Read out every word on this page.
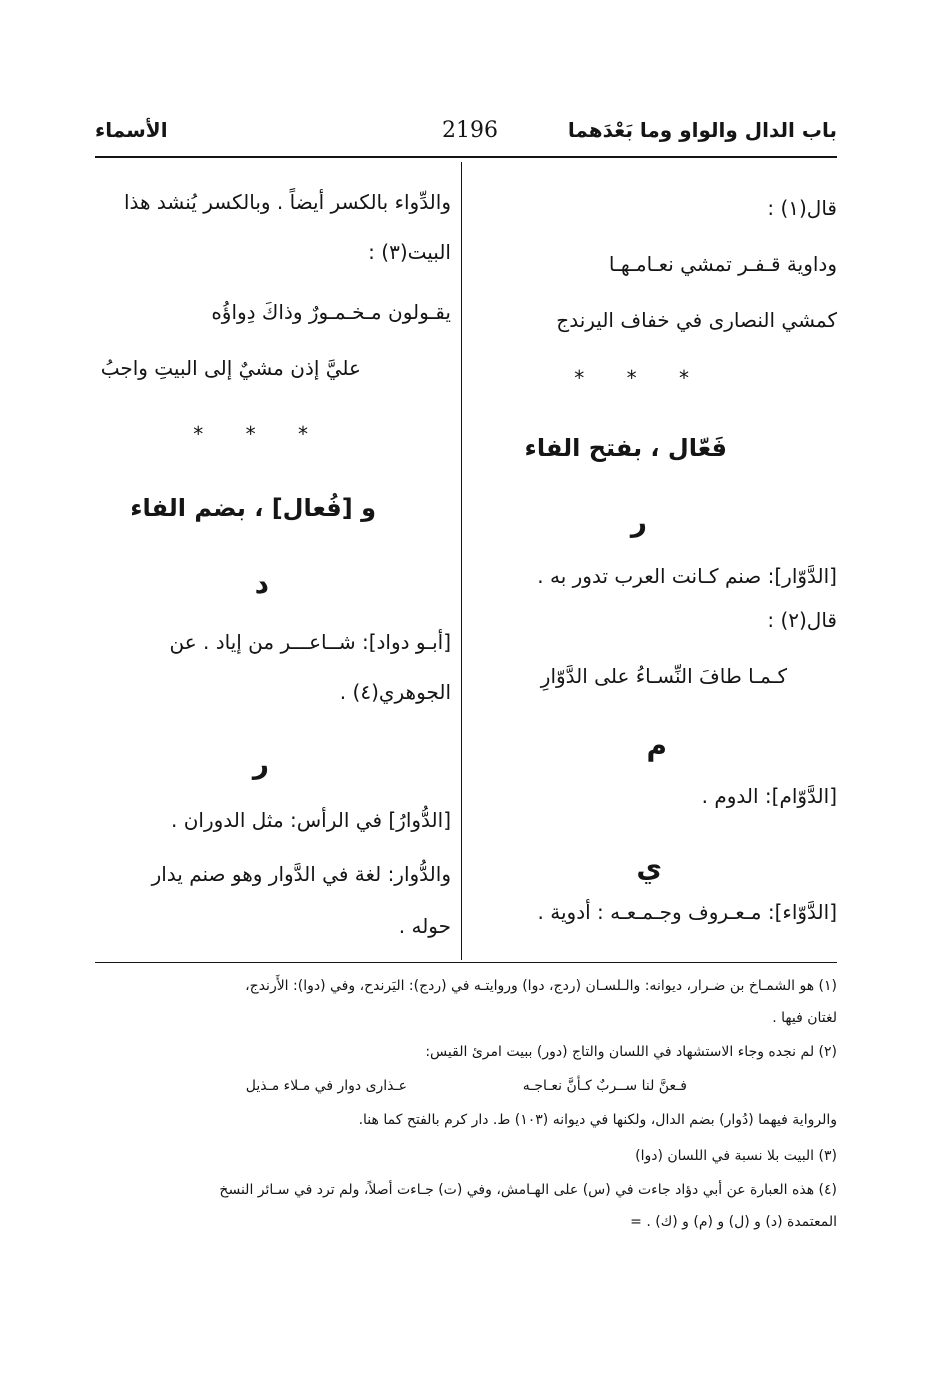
باب الدال والواو وما بَعْدَهما
2196
الأسماء
قال(١) :
وداوية قـفـر تمشي نعـامـهـا
كمشي النصارى في خفاف اليرندج
* * *
فَعّال ، بفتح الفاء
ر
[الدَّوّار]: صنم كـانت العرب تدور به .
قال(٢) :
كـمـا طافَ النِّسـاءُ على الدَّوّارِ
م
[الدَّوّام]: الدوم .
ي
[الدَّوّاء]: مـعـروف وجـمـعـه : أدوية .
والدِّواء بالكسر أيضاً . وبالكسر يُنشد هذا
البيت(٣) :
يقـولون مـخـمـورٌ وذاكَ دِواؤُه
عليَّ إذن مشيٌ إلى البيتِ واجبُ
* * *
و [فُعال] ، بضم الفاء
د
[أبـو دواد]: شــاعـــر من إياد . عن
الجوهري(٤) .
ر
[الدُّوارُ] في الرأس: مثل الدوران .
والدُّوار: لغة في الدَّوار وهو صنم يدار
حوله .
(١) هو الشمـاخ بن ضـرار، ديوانه: والـلسـان (ردج، دوا) وروايتـه في (ردج): اليَرندح، وفي (دوا): الأَرندج،
لغتان فيها .
(٢) لم نجده وجاء الاستشهاد في اللسان والتاج (دور) ببيت امرئ القيس:
فـعنَّ لنا ســربٌ كـأنَّ نعـاجـه
عـذارى دوار في مـلاء مـذيل
والرواية فيهما (دُوار) بضم الدال، ولكنها في ديوانه (١٠٣) ط. دار كرم بالفتح كما هنا.
(٣) البيت بلا نسبة في اللسان (دوا)
(٤) هذه العبارة عن أبي دؤاد جاءت في (س) على الهـامش، وفي (ت) جـاءت أصلاً، ولم ترد في سـائر النسخ
المعتمدة (د) و (ل) و (م) و (ك) . =
